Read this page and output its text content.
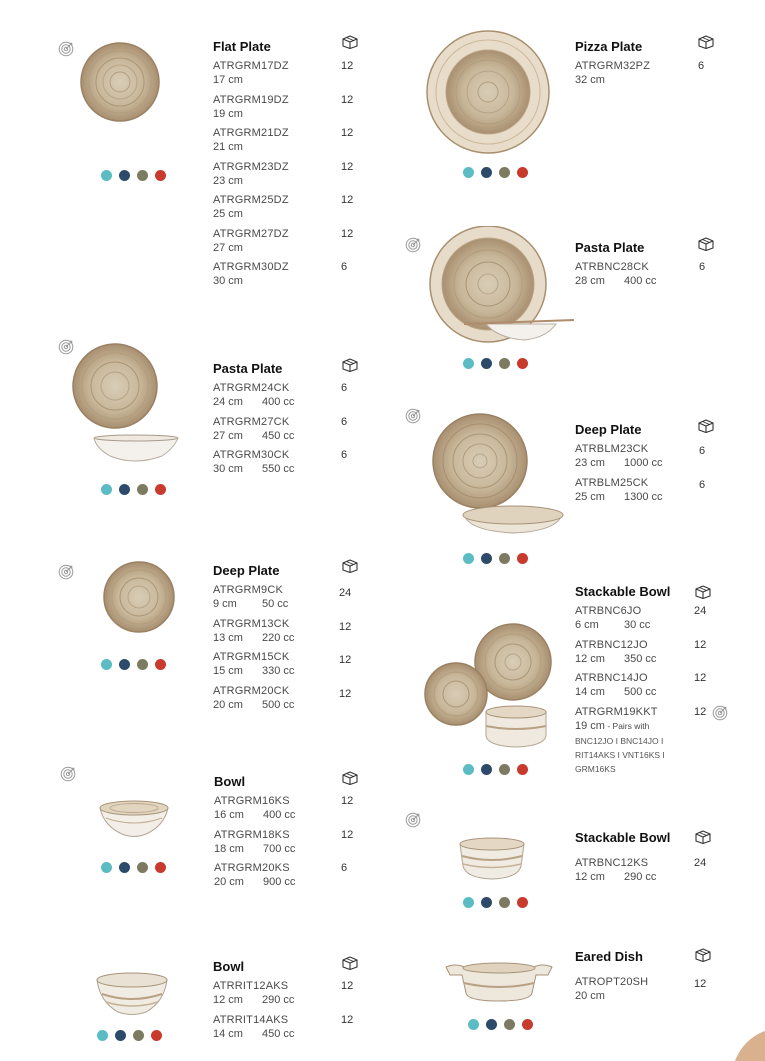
Flat Plate
ATRGRM17DZ
17 cm
12
ATRGRM19DZ
19 cm
12
ATRGRM21DZ
21 cm
12
ATRGRM23DZ
23 cm
12
ATRGRM25DZ
25 cm
12
ATRGRM27DZ
27 cm
12
ATRGRM30DZ
30 cm
6
Pasta Plate
ATRGRM24CK
24 cm 400 cc
6
ATRGRM27CK
27 cm 450 cc
6
ATRGRM30CK
30 cm 550 cc
6
Deep Plate
ATRGRM9CK
9 cm 50 cc
24
ATRGRM13CK
13 cm 220 cc
12
ATRGRM15CK
15 cm 330 cc
12
ATRGRM20CK
20 cm 500 cc
12
Bowl
ATRGRM16KS
16 cm 400 cc
12
ATRGRM18KS
18 cm 700 cc
12
ATRGRM20KS
20 cm 900 cc
6
Bowl
ATRRIT12AKS
12 cm 290 cc
12
ATRRIT14AKS
14 cm 450 cc
12
Pizza Plate
ATRGRM32PZ
32 cm
6
Pasta Plate
ATRBNC28CK
28 cm 400 cc
6
Deep Plate
ATRBLM23CK
23 cm 1000 cc
6
ATRBLM25CK
25 cm 1300 cc
6
Stackable Bowl
ATRBNC6JO
6 cm 30 cc
24
ATRBNC12JO
12 cm 350 cc
12
ATRBNC14JO
14 cm 500 cc
12
ATRGRM19KKT
19 cm - Pairs with
BNC12JO I BNC14JO I RIT14AKS I VNT16KS I GRM16KS
12
Stackable Bowl
ATRBNC12KS
12 cm 290 cc
24
Eared Dish
ATROPT20SH
20 cm
12
